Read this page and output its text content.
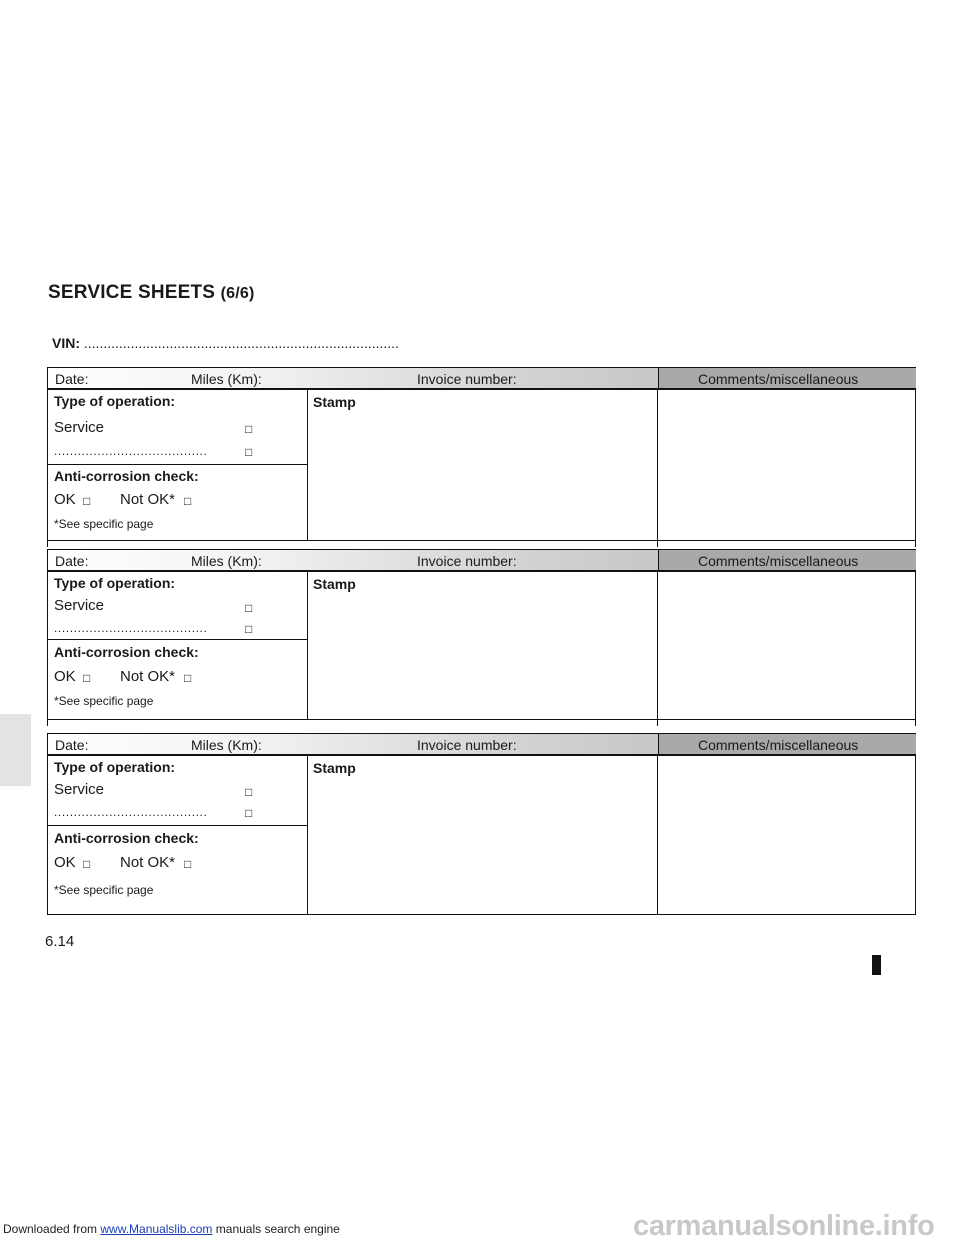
SERVICE SHEETS (6/6)
VIN: .................................................................................
Date:	Miles (Km):	Invoice number:	Comments/miscellaneous
Type of operation:
Service	□
.......................................	□
Anti-corrosion check:
OK □ Not OK* □
*See specific page
Stamp
Date:	Miles (Km):	Invoice number:	Comments/miscellaneous
Type of operation:
Service	□
.......................................	□
Anti-corrosion check:
OK □ Not OK* □
*See specific page
Stamp
Date:	Miles (Km):	Invoice number:	Comments/miscellaneous
Type of operation:
Service	□
.......................................	□
Anti-corrosion check:
OK □ Not OK* □
*See specific page
Stamp
6.14
Downloaded from www.Manualslib.com manuals search engine	carmanualsonline.info
